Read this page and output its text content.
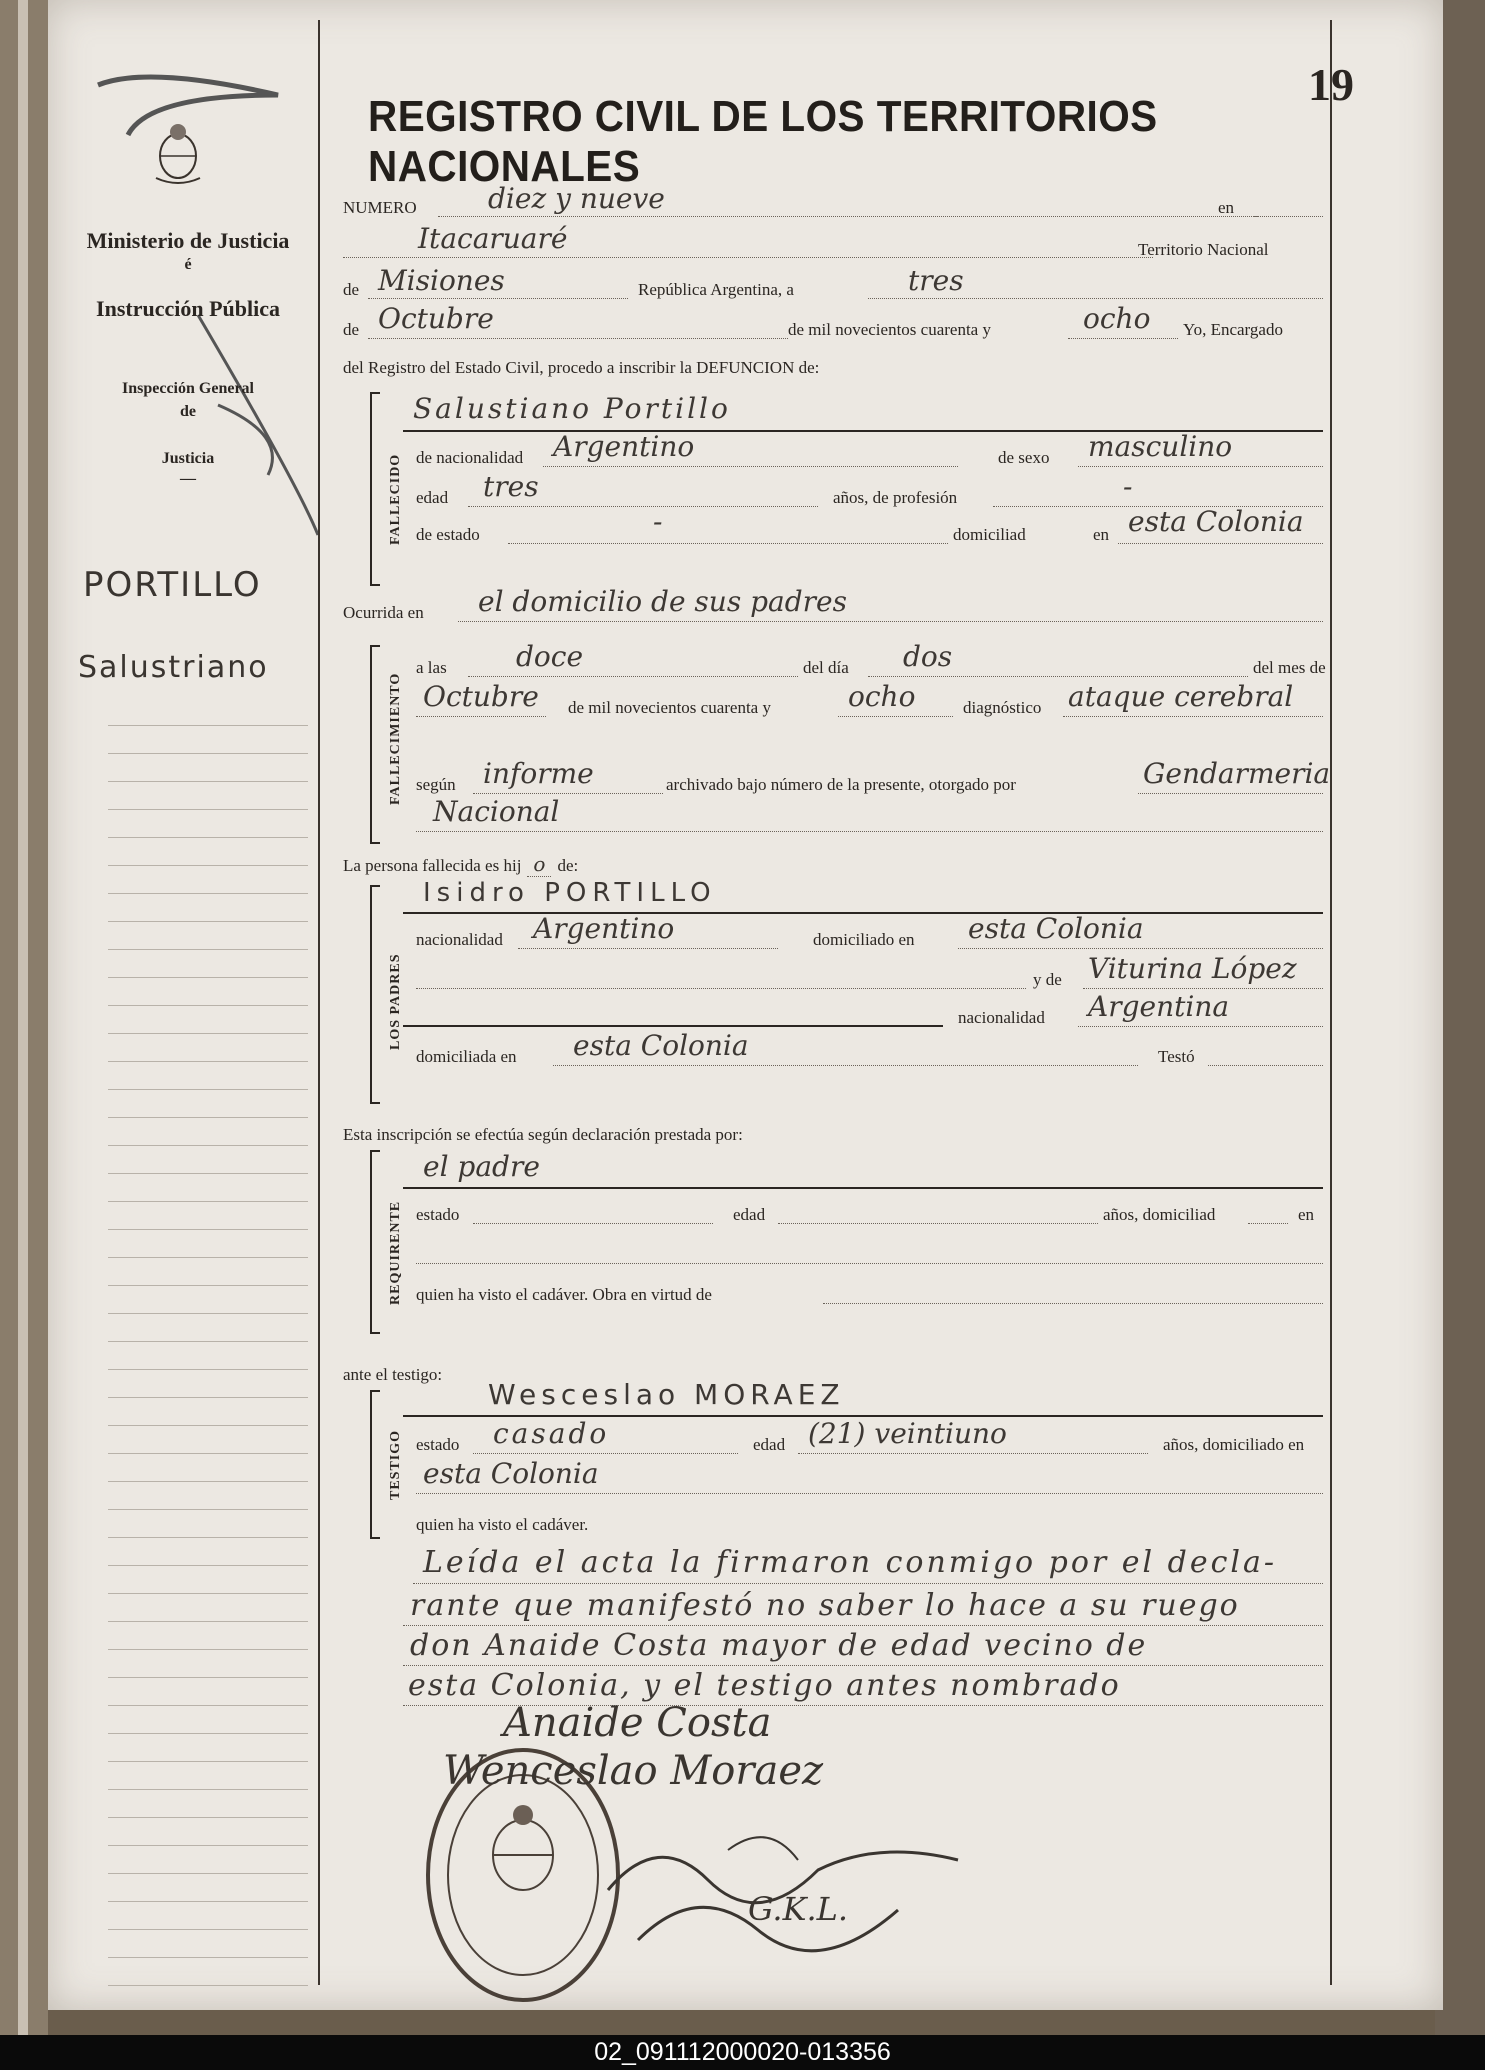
Ministerio de Justicia
é
Instrucción Pública
Inspección General
de
Justicia
—
PORTILLO
Salustriano
19
REGISTRO CIVIL DE LOS TERRITORIOS NACIONALES
NUMERO	diez y nueve	en
Itacaruaré	Territorio Nacional
de Misiones	República Argentina, a	tres
de Octubre	de mil novecientos cuarenta y	ocho Yo, Encargado
del Registro del Estado Civil, procedo a inscribir la DEFUNCION de:
FALLECIDO
Salustiano Portillo
de nacionalidad Argentino	de sexo masculino
edad tres	años, de profesión	-
de estado	-	domiciliad	en esta Colonia
Ocurrida en el domicilio de sus padres
FALLECIMIENTO
a las doce	del día dos	del mes de
Octubre de mil novecientos cuarenta y	ocho	diagnóstico ataque cerebral
según informe	archivado bajo número de la presente, otorgado por	Gendarmeria
Nacional
La persona fallecida es hij o de:
LOS PADRES
Isidro PORTILLO
nacionalidad Argentino	domiciliado en esta Colonia
y de Viturina López
nacionalidad Argentina
domiciliada en esta Colonia	Testó
Esta inscripción se efectúa según declaración prestada por:
REQUIRENTE
el padre
estado	edad	años, domiciliad	en
quien ha visto el cadáver. Obra en virtud de
ante el testigo:
TESTIGO
Wesceslao MORAEZ
estado casado	edad (21) veintiuno	años, domiciliado en
esta Colonia
quien ha visto el cadáver.
Leída el acta la firmaron conmigo por el decla-
rante que manifestó no saber lo hace a su ruego
don Anaide Costa mayor de edad vecino de
esta Colonia, y el testigo antes nombrado
Anaide Costa
Wenceslao Moraez
G.K.L.
02_091112000020-013356
